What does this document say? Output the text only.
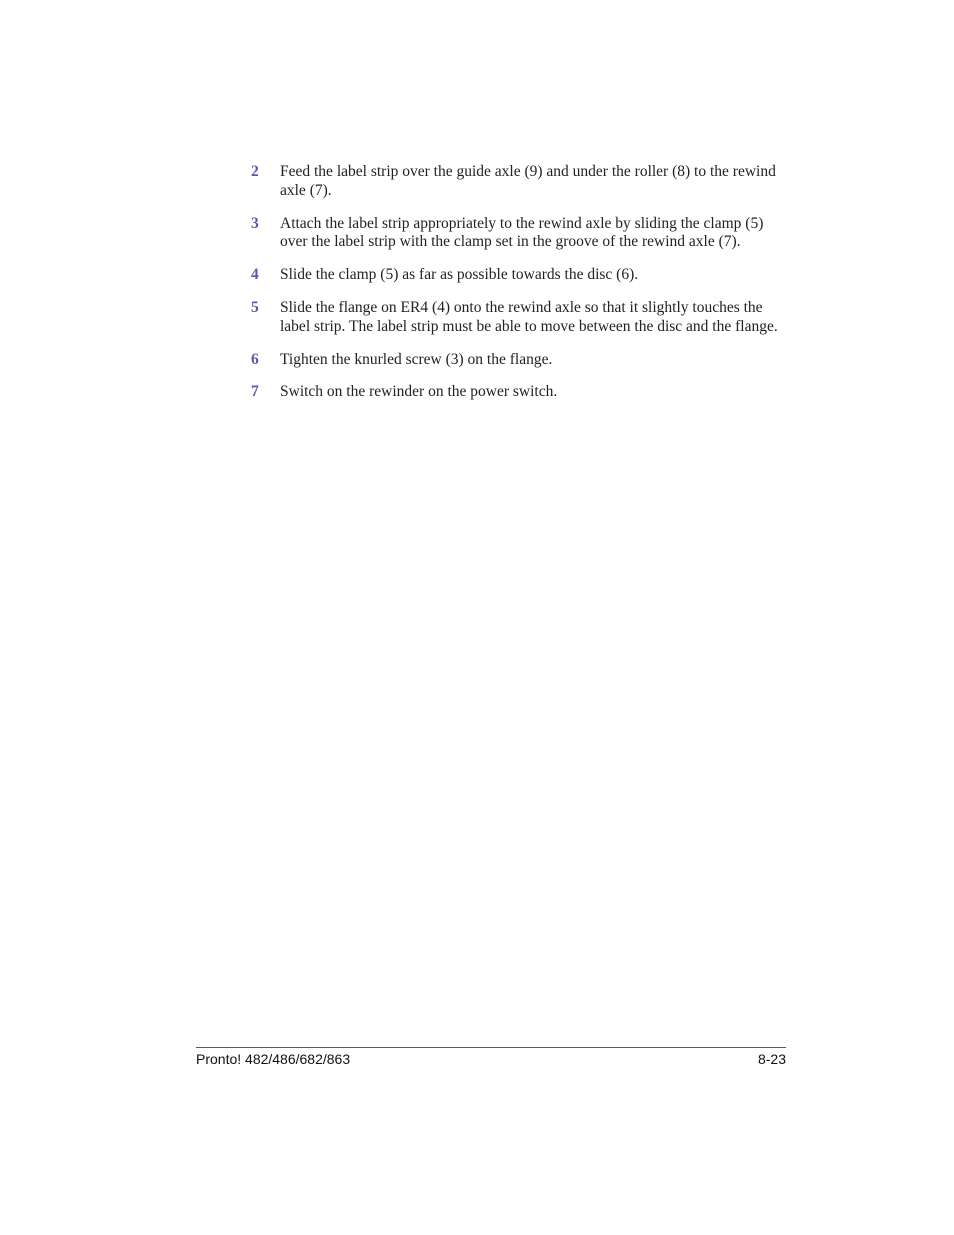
2	Feed the label strip over the guide axle (9) and under the roller (8) to the rewind axle (7).
3	Attach the label strip appropriately to the rewind axle by sliding the clamp (5) over the label strip with the clamp set in the groove of the rewind axle (7).
4	Slide the clamp (5) as far as possible towards the disc (6).
5	Slide the flange on ER4 (4) onto the rewind axle so that it slightly touches the label strip. The label strip must be able to move between the disc and the flange.
6	Tighten the knurled screw (3) on the flange.
7	Switch on the rewinder on the power switch.
Pronto! 482/486/682/863	8-23
